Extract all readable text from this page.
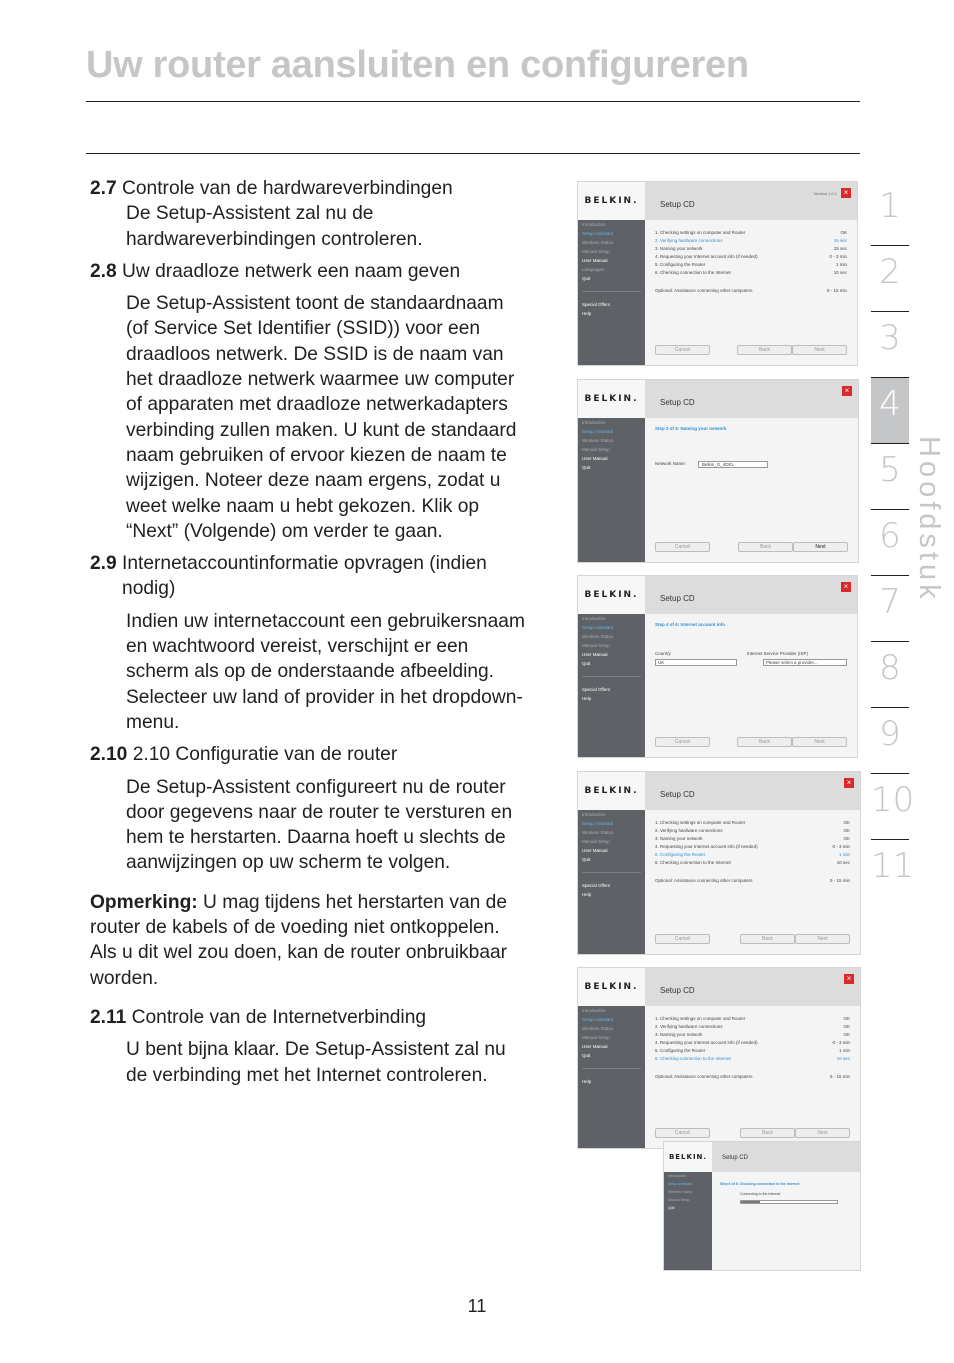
Uw router aansluiten en configureren
2.7
Controle van de hardwareverbindingen
De Setup-Assistent zal nu de hardwareverbindingen controleren.
2.8
Uw draadloze netwerk een naam geven
De Setup-Assistent toont de standaardnaam (of Service Set Identifier (SSID)) voor een draadloos netwerk. De SSID is de naam van het draadloze netwerk waarmee uw computer of apparaten met draadloze netwerkadapters verbinding zullen maken. U kunt de standaard naam gebruiken of ervoor kiezen de naam te wijzigen. Noteer deze naam ergens, zodat u weet welke naam u hebt gekozen. Klik op “Next” (Volgende) om verder te gaan.
2.9
Internetaccountinformatie opvragen (indien nodig)
Indien uw internetaccount een gebruikersnaam en wachtwoord vereist, verschijnt er een scherm als op de onderstaande afbeelding. Selecteer uw land of provider in het dropdown-menu.
2.10
2.10 Configuratie van de router
De Setup-Assistent configureert nu de router door gegevens naar de router te versturen en hem te herstarten. Daarna hoeft u slechts de aanwijzingen op uw scherm te volgen.
Opmerking: U mag tijdens het herstarten van de router de kabels of de voeding niet ontkoppelen. Als u dit wel zou doen, kan de router onbruikbaar worden.
2.11
Controle van de Internetverbinding
U bent bijna klaar. De Setup-Assistent zal nu de verbinding met het Internet controleren.
1
2
3
4
5
6
7
8
9
10
11
Hoofdstuk
BELKIN.	Setup CD
Version 1.0.1 ×
Introduction
Setup Assistant
Wireless Status
Manual Setup
User Manual
Languages
Quit
Special Offers
Help
1. Checking settings on computer and Router	OK
2. Verifying hardware connections	15 sec
3. Naming your network	15 sec
4. Requesting your Internet account info (if needed)	0 - 3 min
5. Configuring the Router	1 min
6. Checking connection to the Internet	10 sec
Optional: Assistance connecting other computers	5 - 15 min
Cancel	Back	Next
BELKIN.	Setup CD
×
Introduction
Setup Assistant
Wireless Status
Manual Setup
User Manual
Quit
Step 3 of 6: Naming your network
Network Name:	Belkin_G_4DEL
Cancel	Back	Next
BELKIN.	Setup CD
×
Introduction
Setup Assistant
Wireless Status
Manual Setup
User Manual
Quit
Special Offers
Help
Step 4 of 6: Internet account info
Country	Internet Service Provider (ISP)
UK	Please select a provider...
Cancel	Back	Next
BELKIN.	Setup CD
×
Introduction
Setup Assistant
Wireless Status
Manual Setup
User Manual
Quit
Special Offers
Help
1. Checking settings on computer and Router	OK
2. Verifying hardware connections	OK
3. Naming your network	OK
4. Requesting your Internet account info (if needed)	0 - 3 min
5. Configuring the Router	1 min
6. Checking connection to the Internet	10 sec
Optional: Assistance connecting other computers	5 - 15 min
Cancel	Back	Next
BELKIN.	Setup CD
×
Introduction
Setup Assistant
Wireless Status
Manual Setup
User Manual
Quit
Help
1. Checking settings on computer and Router	OK
2. Verifying hardware connections	OK
3. Naming your network	OK
4. Requesting your Internet account info (if needed)	0 - 3 min
5. Configuring the Router	1 min
6. Checking connection to the Internet	10 sec
Optional: Assistance connecting other computers	5 - 15 min
Cancel	Back	Next
BELKIN.	Setup CD
Introduction
Setup Assistant
Wireless Status
Manual Setup
Quit
Step 6 of 6: Checking connection to the Internet
Connecting to the Internet
11
